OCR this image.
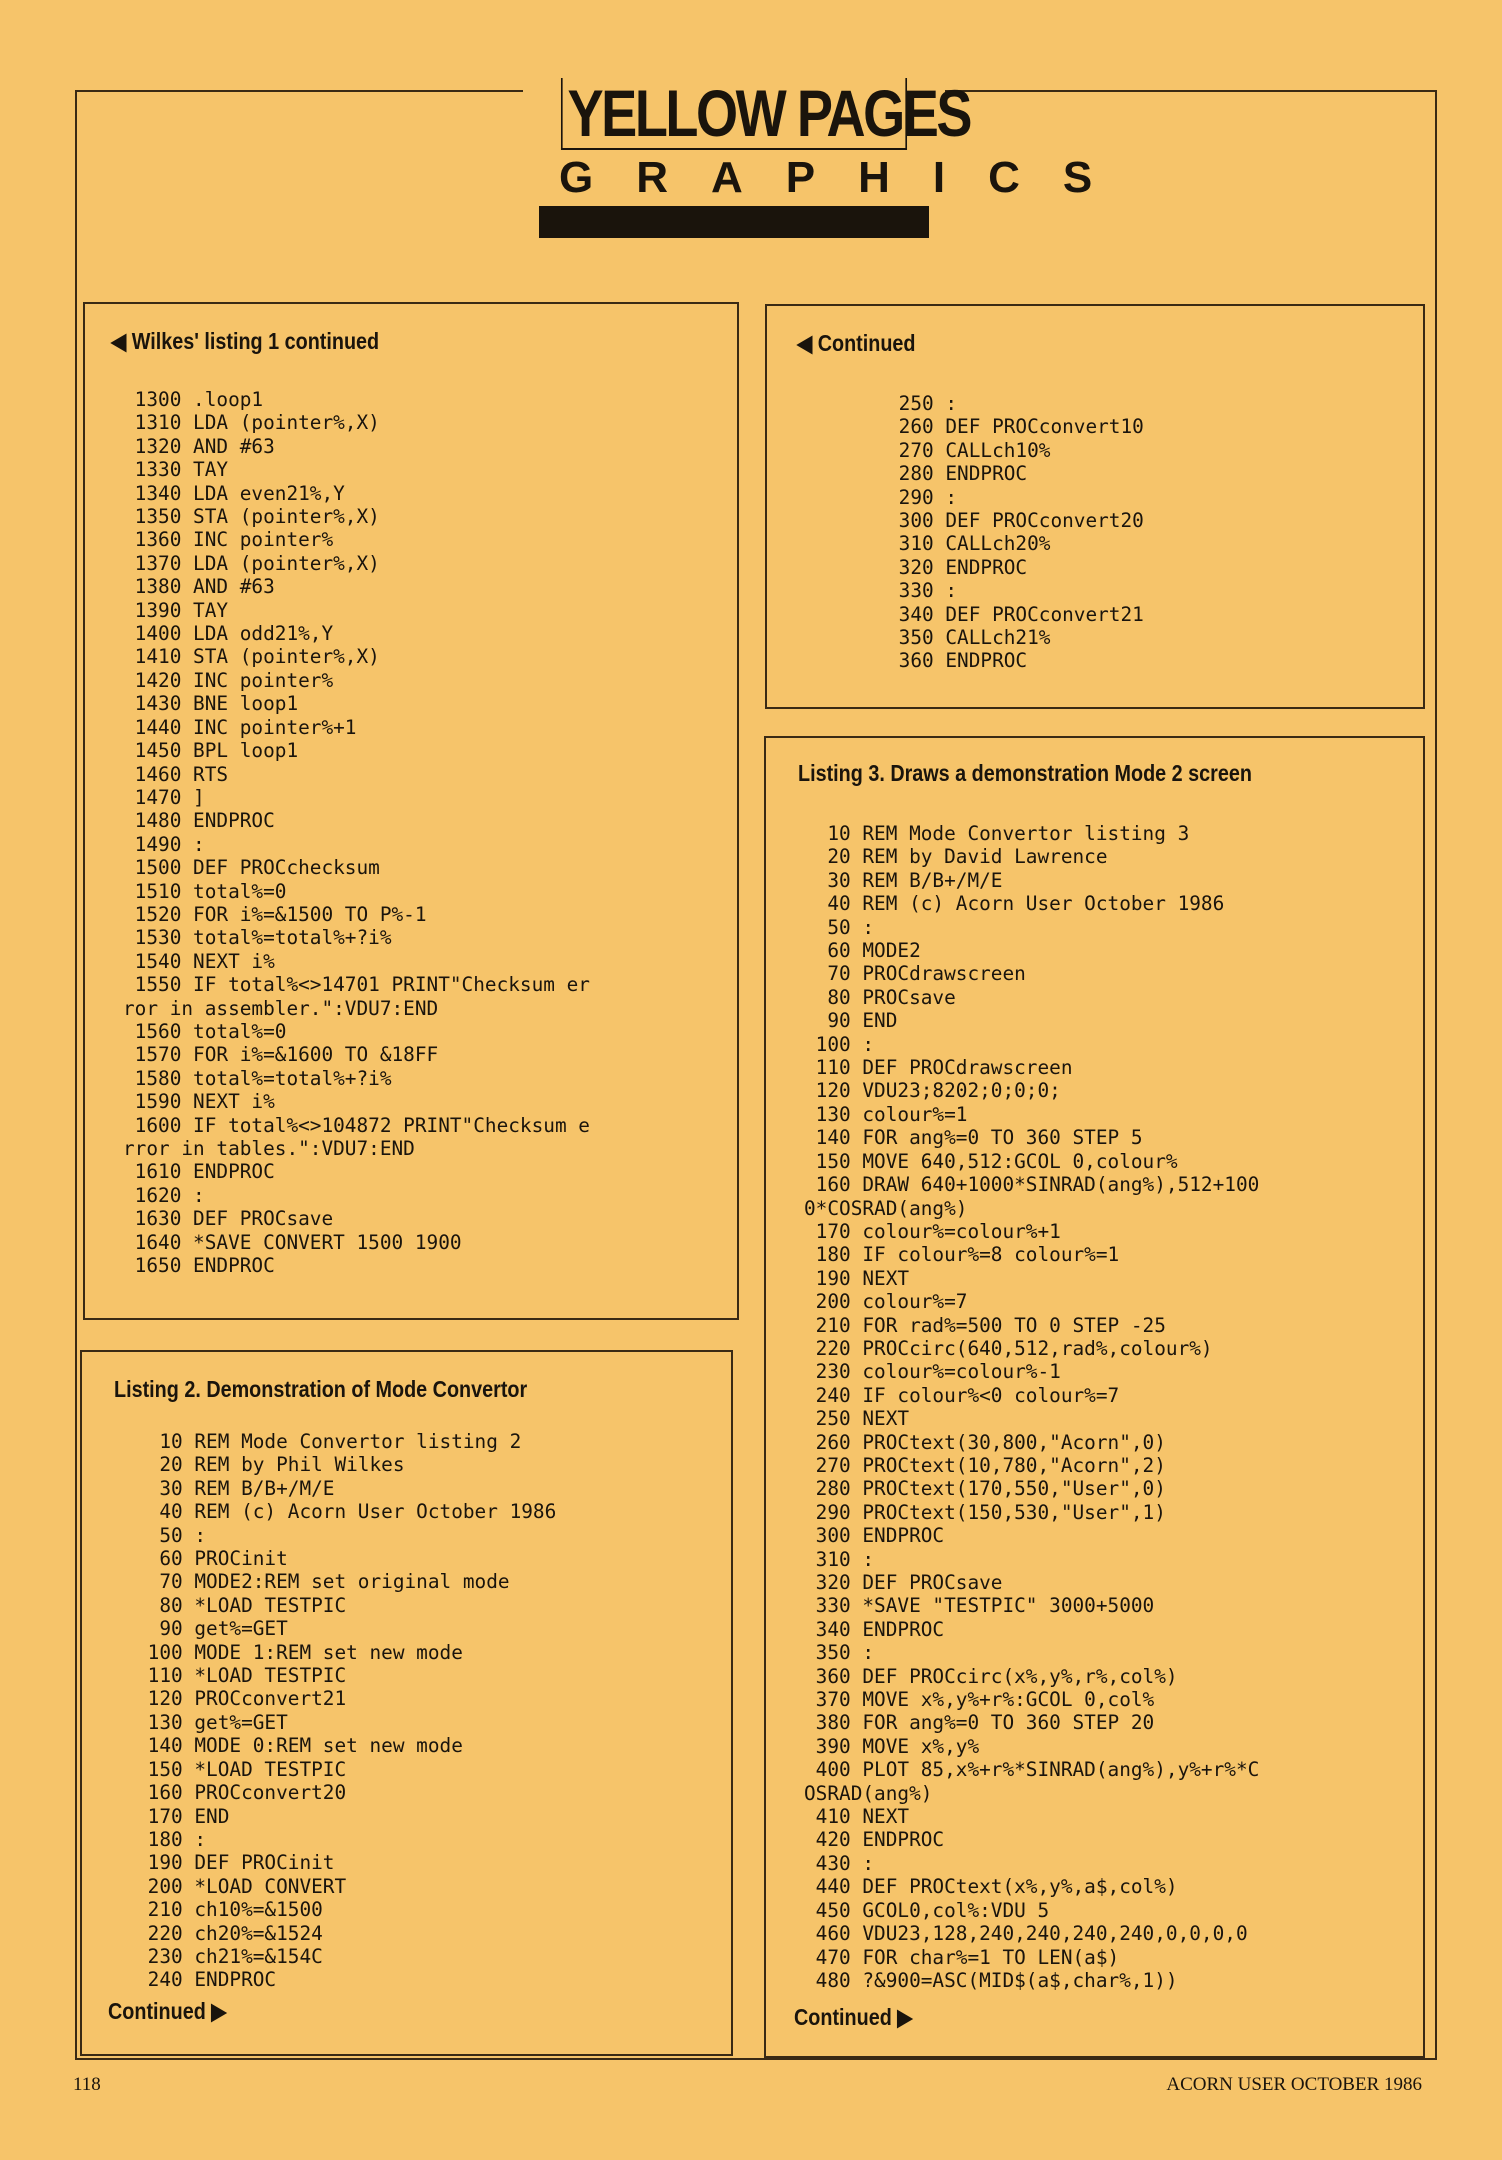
YELLOW PAGES
GRAPHICS
◀ Wilkes' listing 1 continued
1300 .loop1
1310 LDA (pointer%,X)
1320 AND #63
1330 TAY
1340 LDA even21%,Y
1350 STA (pointer%,X)
1360 INC pointer%
1370 LDA (pointer%,X)
1380 AND #63
1390 TAY
1400 LDA odd21%,Y
1410 STA (pointer%,X)
1420 INC pointer%
1430 BNE loop1
1440 INC pointer%+1
1450 BPL loop1
1460 RTS
1470 ]
1480 ENDPROC
1490 :
1500 DEF PROCchecksum
1510 total%=0
1520 FOR i%=&1500 TO P%-1
1530 total%=total%+?i%
1540 NEXT i%
1550 IF total%<>14701 PRINT"Checksum er
ror in assembler.":VDU7:END
1560 total%=0
1570 FOR i%=&1600 TO &18FF
1580 total%=total%+?i%
1590 NEXT i%
1600 IF total%<>104872 PRINT"Checksum e
rror in tables.":VDU7:END
1610 ENDPROC
1620 :
1630 DEF PROCsave
1640 *SAVE CONVERT 1500 1900
1650 ENDPROC
Listing 2. Demonstration of Mode Convertor
10 REM Mode Convertor listing 2
20 REM by Phil Wilkes
30 REM B/B+/M/E
40 REM (c) Acorn User October 1986
50 :
60 PROCinit
70 MODE2:REM set original mode
80 *LOAD TESTPIC
90 get%=GET
100 MODE 1:REM set new mode
110 *LOAD TESTPIC
120 PROCconvert21
130 get%=GET
140 MODE 0:REM set new mode
150 *LOAD TESTPIC
160 PROCconvert20
170 END
180 :
190 DEF PROCinit
200 *LOAD CONVERT
210 ch10%=&1500
220 ch20%=&1524
230 ch21%=&154C
240 ENDPROC
Continued ▶
◀ Continued
250 :
260 DEF PROCconvert10
270 CALLch10%
280 ENDPROC
290 :
300 DEF PROCconvert20
310 CALLch20%
320 ENDPROC
330 :
340 DEF PROCconvert21
350 CALLch21%
360 ENDPROC
Listing 3. Draws a demonstration Mode 2 screen
10 REM Mode Convertor listing 3
20 REM by David Lawrence
30 REM B/B+/M/E
40 REM (c) Acorn User October 1986
50 :
60 MODE2
70 PROCdrawscreen
80 PROCsave
90 END
100 :
110 DEF PROCdrawscreen
120 VDU23;8202;0;0;0;
130 colour%=1
140 FOR ang%=0 TO 360 STEP 5
150 MOVE 640,512:GCOL 0,colour%
160 DRAW 640+1000*SINRAD(ang%),512+100
0*COSRAD(ang%)
170 colour%=colour%+1
180 IF colour%=8 colour%=1
190 NEXT
200 colour%=7
210 FOR rad%=500 TO 0 STEP -25
220 PROCcirc(640,512,rad%,colour%)
230 colour%=colour%-1
240 IF colour%<0 colour%=7
250 NEXT
260 PROCtext(30,800,"Acorn",0)
270 PROCtext(10,780,"Acorn",2)
280 PROCtext(170,550,"User",0)
290 PROCtext(150,530,"User",1)
300 ENDPROC
310 :
320 DEF PROCsave
330 *SAVE "TESTPIC" 3000+5000
340 ENDPROC
350 :
360 DEF PROCcirc(x%,y%,r%,col%)
370 MOVE x%,y%+r%:GCOL 0,col%
380 FOR ang%=0 TO 360 STEP 20
390 MOVE x%,y%
400 PLOT 85,x%+r%*SINRAD(ang%),y%+r%*C
OSRAD(ang%)
410 NEXT
420 ENDPROC
430 :
440 DEF PROCtext(x%,y%,a$,col%)
450 GCOL0,col%:VDU 5
460 VDU23,128,240,240,240,240,0,0,0,0
470 FOR char%=1 TO LEN(a$)
480 ?&900=ASC(MID$(a$,char%,1))
Continued ▶
118	ACORN USER OCTOBER 1986
